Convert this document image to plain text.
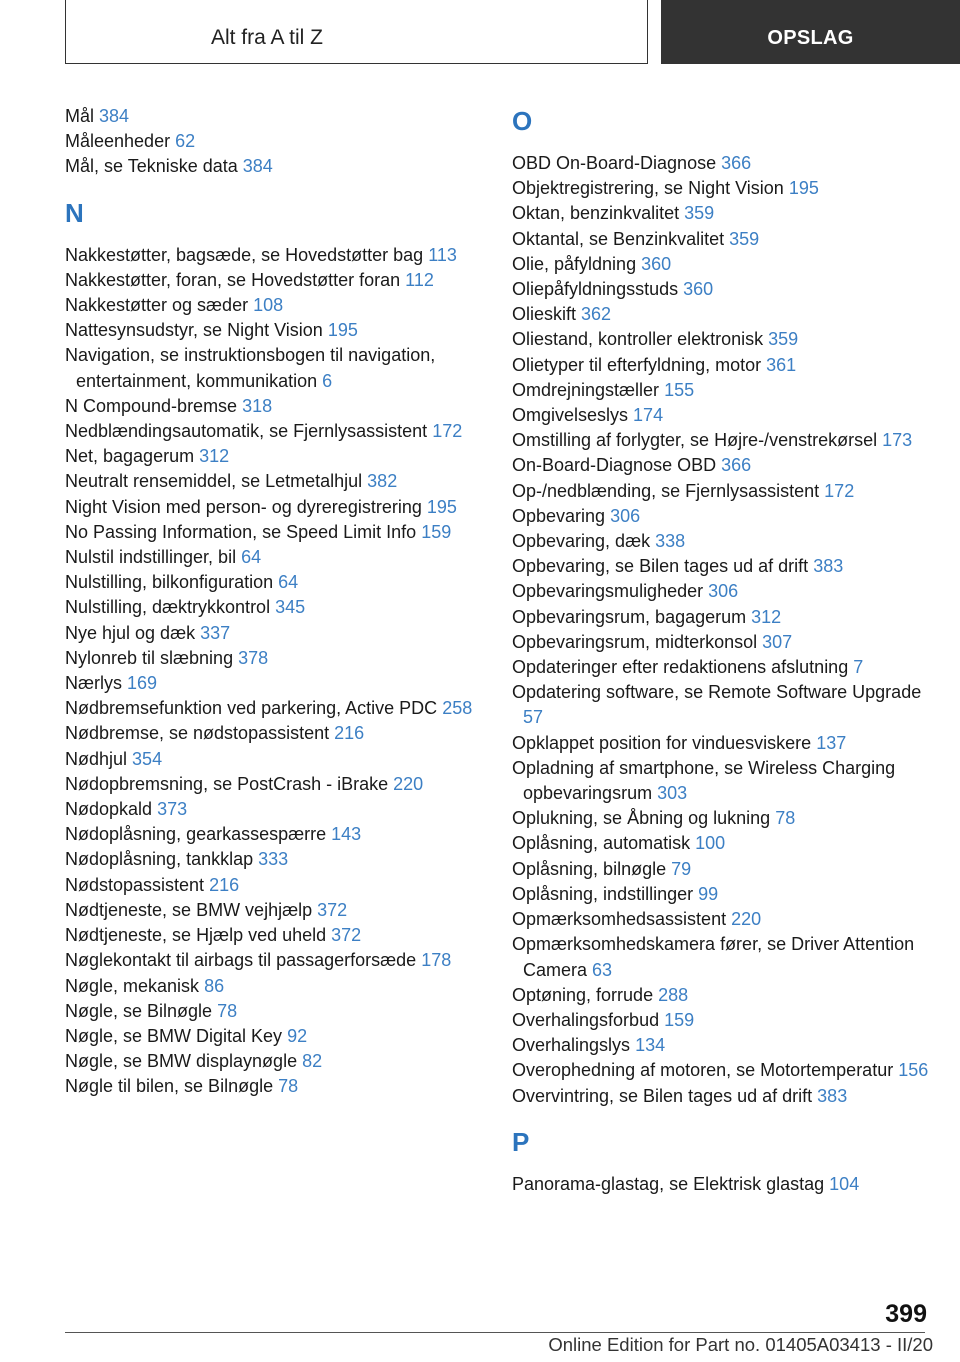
Alt fra A til Z	OPSLAG
Mål 384
Måleenheder 62
Mål, se Tekniske data 384
N
Nakkestøtter, bagsæde, se Hovedstøtter bag 113
Nakkestøtter, foran, se Hovedstøtter foran 112
Nakkestøtter og sæder 108
Nattesynsudstyr, se Night Vision 195
Navigation, se instruktionsbogen til navigation, entertainment, kommunikation 6
N Compound-bremse 318
Nedblændingsautomatik, se Fjernlysassistent 172
Net, bagagerum 312
Neutralt rensemiddel, se Letmetalhjul 382
Night Vision med person- og dyreregistrering 195
No Passing Information, se Speed Limit Info 159
Nulstil indstillinger, bil 64
Nulstilling, bilkonfiguration 64
Nulstilling, dæktrykkontrol 345
Nye hjul og dæk 337
Nylonreb til slæbning 378
Nærlys 169
Nødbremsefunktion ved parkering, Active PDC 258
Nødbremse, se nødstopassistent 216
Nødhjul 354
Nødopbremsning, se PostCrash - iBrake 220
Nødopkald 373
Nødoplåsning, gearkassespærre 143
Nødoplåsning, tankklap 333
Nødstopassistent 216
Nødtjeneste, se BMW vejhjælp 372
Nødtjeneste, se Hjælp ved uheld 372
Nøglekontakt til airbags til passagerforsæde 178
Nøgle, mekanisk 86
Nøgle, se Bilnøgle 78
Nøgle, se BMW Digital Key 92
Nøgle, se BMW displaynøgle 82
Nøgle til bilen, se Bilnøgle 78
O
OBD On-Board-Diagnose 366
Objektregistrering, se Night Vision 195
Oktan, benzinkvalitet 359
Oktantal, se Benzinkvalitet 359
Olie, påfyldning 360
Oliepåfyldningsstuds 360
Olieskift 362
Oliestand, kontroller elektronisk 359
Olietyper til efterfyldning, motor 361
Omdrejningstæller 155
Omgivelseslys 174
Omstilling af forlygter, se Højre-/venstrekørsel 173
On-Board-Diagnose OBD 366
Op-/nedblænding, se Fjernlysassistent 172
Opbevaring 306
Opbevaring, dæk 338
Opbevaring, se Bilen tages ud af drift 383
Opbevaringsmuligheder 306
Opbevaringsrum, bagagerum 312
Opbevaringsrum, midterkonsol 307
Opdateringer efter redaktionens afslutning 7
Opdatering software, se Remote Software Upgrade 57
Opklappet position for vinduesviskere 137
Opladning af smartphone, se Wireless Charging opbevaringsrum 303
Oplukning, se Åbning og lukning 78
Oplåsning, automatisk 100
Oplåsning, bilnøgle 79
Oplåsning, indstillinger 99
Opmærksomhedsassistent 220
Opmærksomhedskamera fører, se Driver Attention Camera 63
Optøning, forrude 288
Overhalingsforbud 159
Overhalingslys 134
Overophedning af motoren, se Motortemperatur 156
Overvintring, se Bilen tages ud af drift 383
P
Panorama-glastag, se Elektrisk glastag 104
399
Online Edition for Part no. 01405A03413 - II/20
